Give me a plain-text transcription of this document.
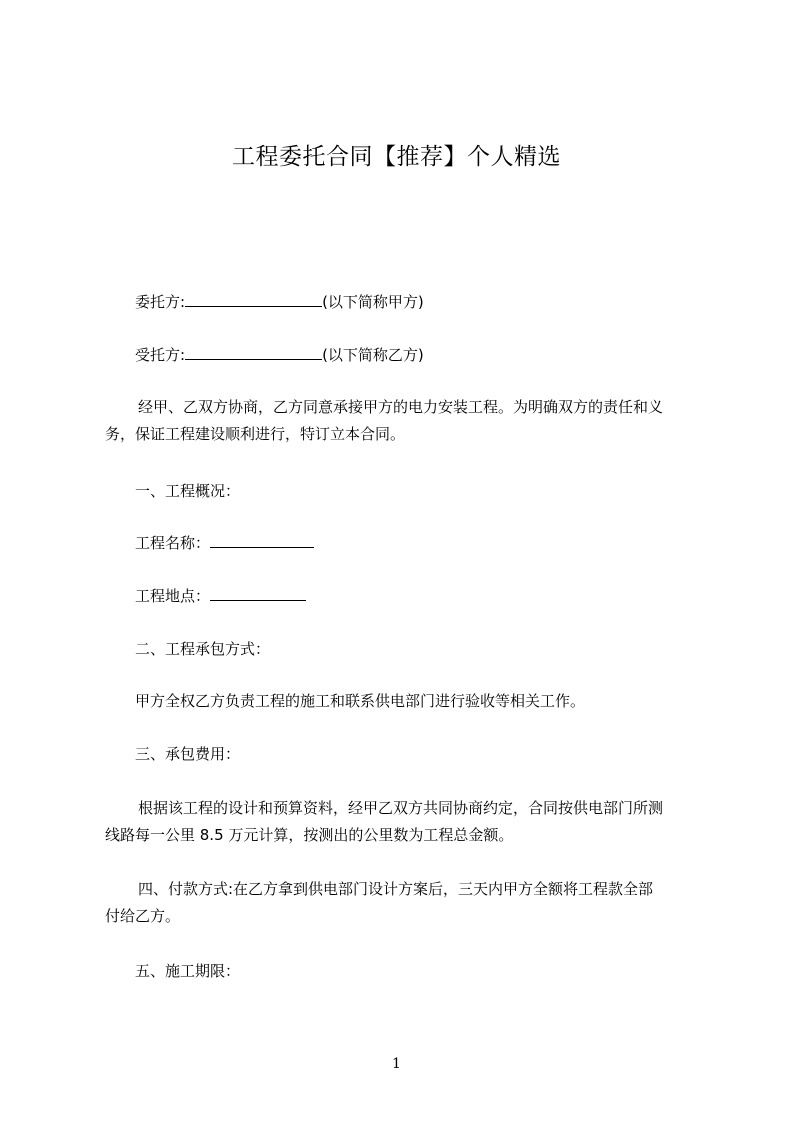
工程委托合同【推荐】个人精选
委托方:	(以下简称甲方)
受托方:	(以下简称乙方)
经甲、乙双方协商，乙方同意承接甲方的电力安装工程。为明确双方的责任和义
务，保证工程建设顺利进行，特订立本合同。
一、工程概况：
工程名称：
工程地点：
二、工程承包方式：
甲方全权乙方负责工程的施工和联系供电部门进行验收等相关工作。
三、承包费用：
根据该工程的设计和预算资料，经甲乙双方共同协商约定，合同按供电部门所测
线路每一公里 8.5 万元计算，按测出的公里数为工程总金额。
四、付款方式:在乙方拿到供电部门设计方案后，三天内甲方全额将工程款全部
付给乙方。
五、施工期限：
1
